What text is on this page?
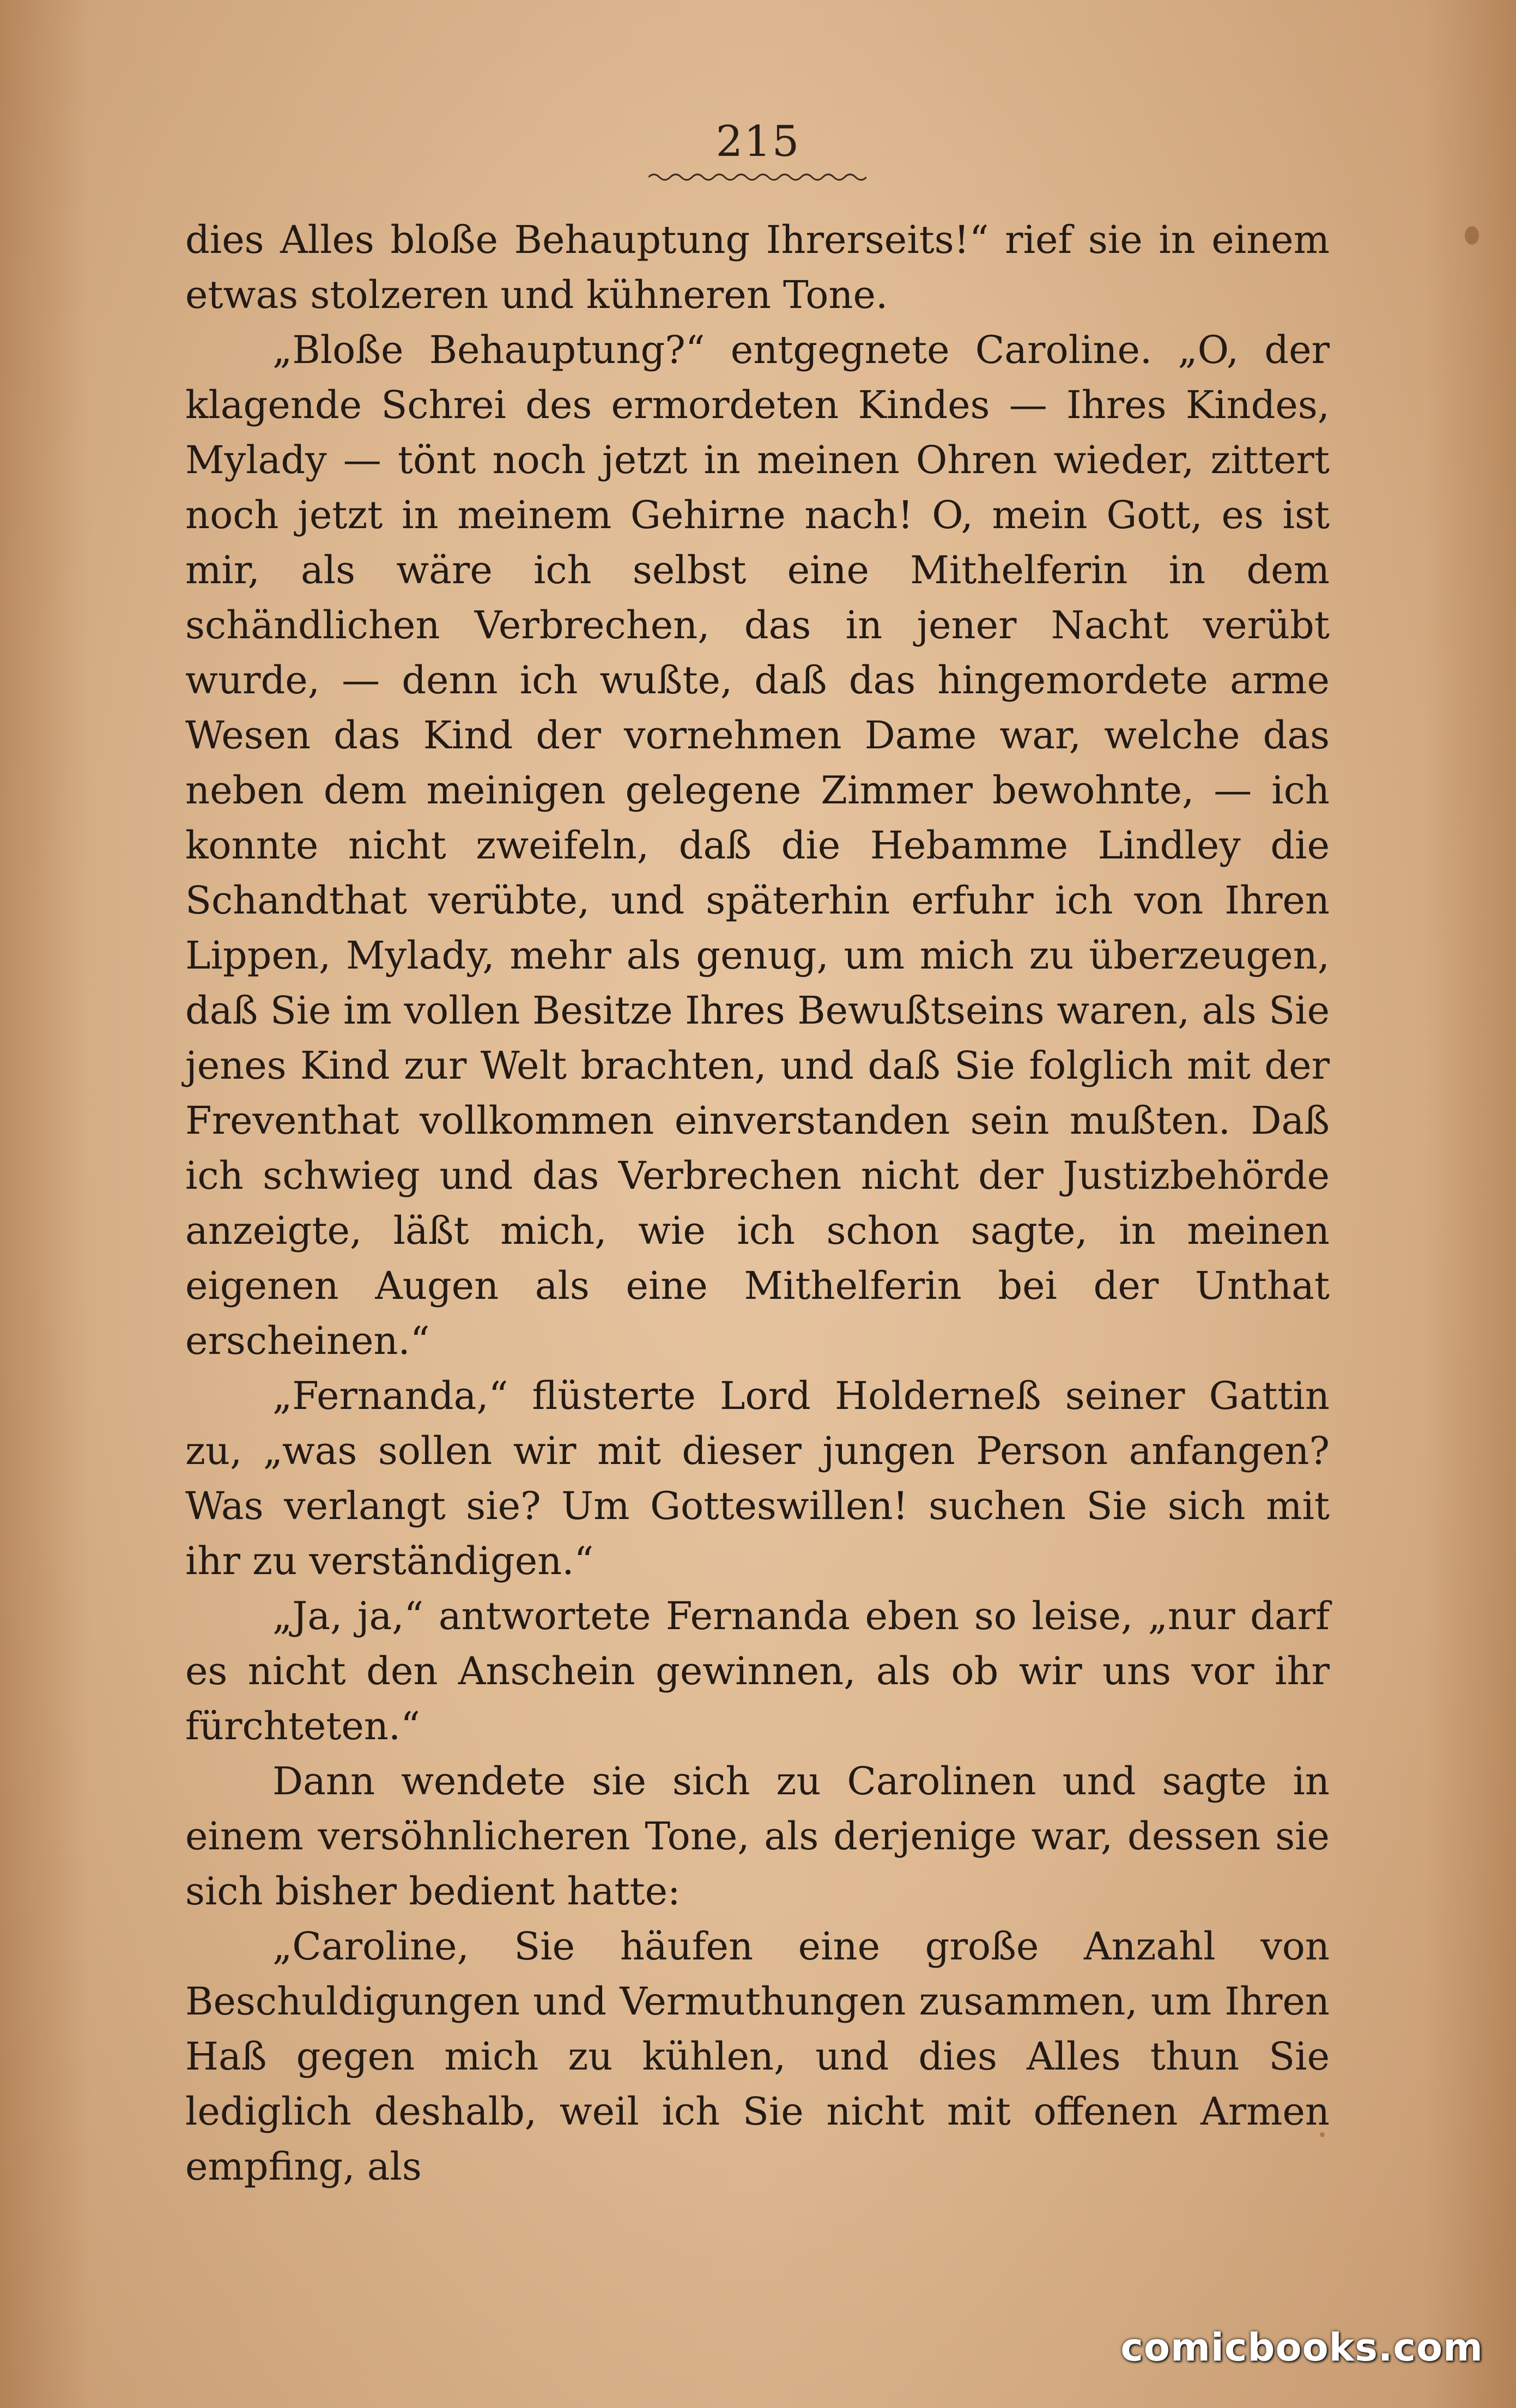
215

dies Alles bloße Behauptung Ihrerseits!“ rief sie in einem etwas stolzeren und kühneren Tone.

„Bloße Behauptung?“ entgegnete Caroline. „O, der klagende Schrei des ermordeten Kindes — Ihres Kindes, Mylady — tönt noch jetzt in meinen Ohren wieder, zittert noch jetzt in meinem Gehirne nach! O, mein Gott, es ist mir, als wäre ich selbst eine Mithelferin in dem schändlichen Verbrechen, das in jener Nacht verübt wurde, — denn ich wußte, daß das hingemordete arme Wesen das Kind der vornehmen Dame war, welche das neben dem meinigen gelegene Zimmer bewohnte, — ich konnte nicht zweifeln, daß die Hebamme Lindley die Schandthat verübte, und späterhin erfuhr ich von Ihren Lippen, Mylady, mehr als genug, um mich zu überzeugen, daß Sie im vollen Besitze Ihres Bewußtseins waren, als Sie jenes Kind zur Welt brachten, und daß Sie folglich mit der Freventhat vollkommen einverstanden sein mußten. Daß ich schwieg und das Verbrechen nicht der Justizbehörde anzeigte, läßt mich, wie ich schon sagte, in meinen eigenen Augen als eine Mithelferin bei der Unthat erscheinen.“

„Fernanda,“ flüsterte Lord Holderneß seiner Gattin zu, „was sollen wir mit dieser jungen Person anfangen? Was verlangt sie? Um Gotteswillen! suchen Sie sich mit ihr zu verständigen.“

„Ja, ja,“ antwortete Fernanda eben so leise, „nur darf es nicht den Anschein gewinnen, als ob wir uns vor ihr fürchteten.“

Dann wendete sie sich zu Carolinen und sagte in einem versöhnlicheren Tone, als derjenige war, dessen sie sich bisher bedient hatte:

„Caroline, Sie häufen eine große Anzahl von Beschuldigungen und Vermuthungen zusammen, um Ihren Haß gegen mich zu kühlen, und dies Alles thun Sie lediglich deshalb, weil ich Sie nicht mit offenen Armen empfing, als

comicbooks.com
